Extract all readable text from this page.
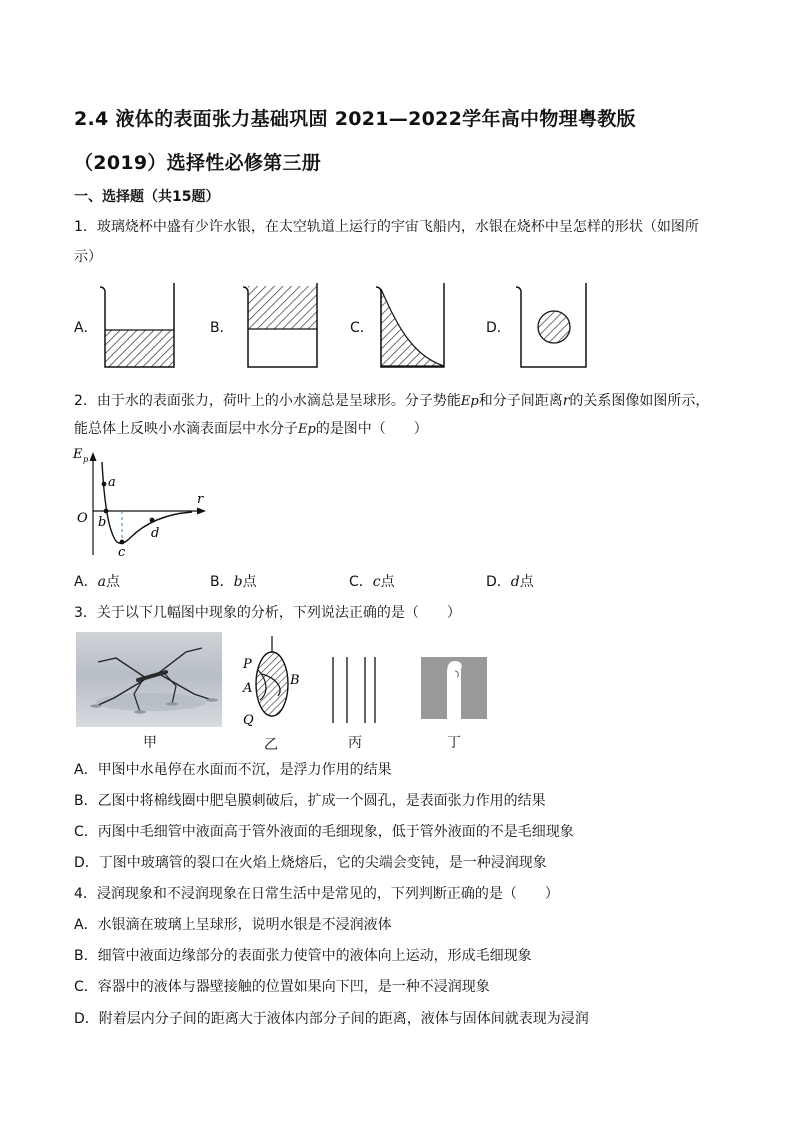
2.4 液体的表面张力基础巩固 2021—2022学年高中物理粤教版
（2019）选择性必修第三册
一、选择题（共15题）
1．玻璃烧杯中盛有少许水银，在太空轨道上运行的宇宙飞船内，水银在烧杯中呈怎样的形状（如图所
示）
A．	B．	C．	D．
2．由于水的表面张力，荷叶上的小水滴总是呈球形。分子势能Ep和分子间距离r的关系图像如图所示，
能总体上反映小水滴表面层中水分子Ep的是图中（　　）
E p
r
O
a
b
c
d
A．a点	B．b点	C．c点	D．d点
3．关于以下几幅图中现象的分析，下列说法正确的是（　　）
P
A
B
Q
甲	乙	丙	丁
A．甲图中水黾停在水面而不沉，是浮力作用的结果
B．乙图中将棉线圈中肥皂膜刺破后，扩成一个圆孔，是表面张力作用的结果
C．丙图中毛细管中液面高于管外液面的毛细现象，低于管外液面的不是毛细现象
D．丁图中玻璃管的裂口在火焰上烧熔后，它的尖端会变钝，是一种浸润现象
4．浸润现象和不浸润现象在日常生活中是常见的，下列判断正确的是（　　）
A．水银滴在玻璃上呈球形，说明水银是不浸润液体
B．细管中液面边缘部分的表面张力使管中的液体向上运动，形成毛细现象
C．容器中的液体与器壁接触的位置如果向下凹，是一种不浸润现象
D．附着层内分子间的距离大于液体内部分子间的距离，液体与固体间就表现为浸润
